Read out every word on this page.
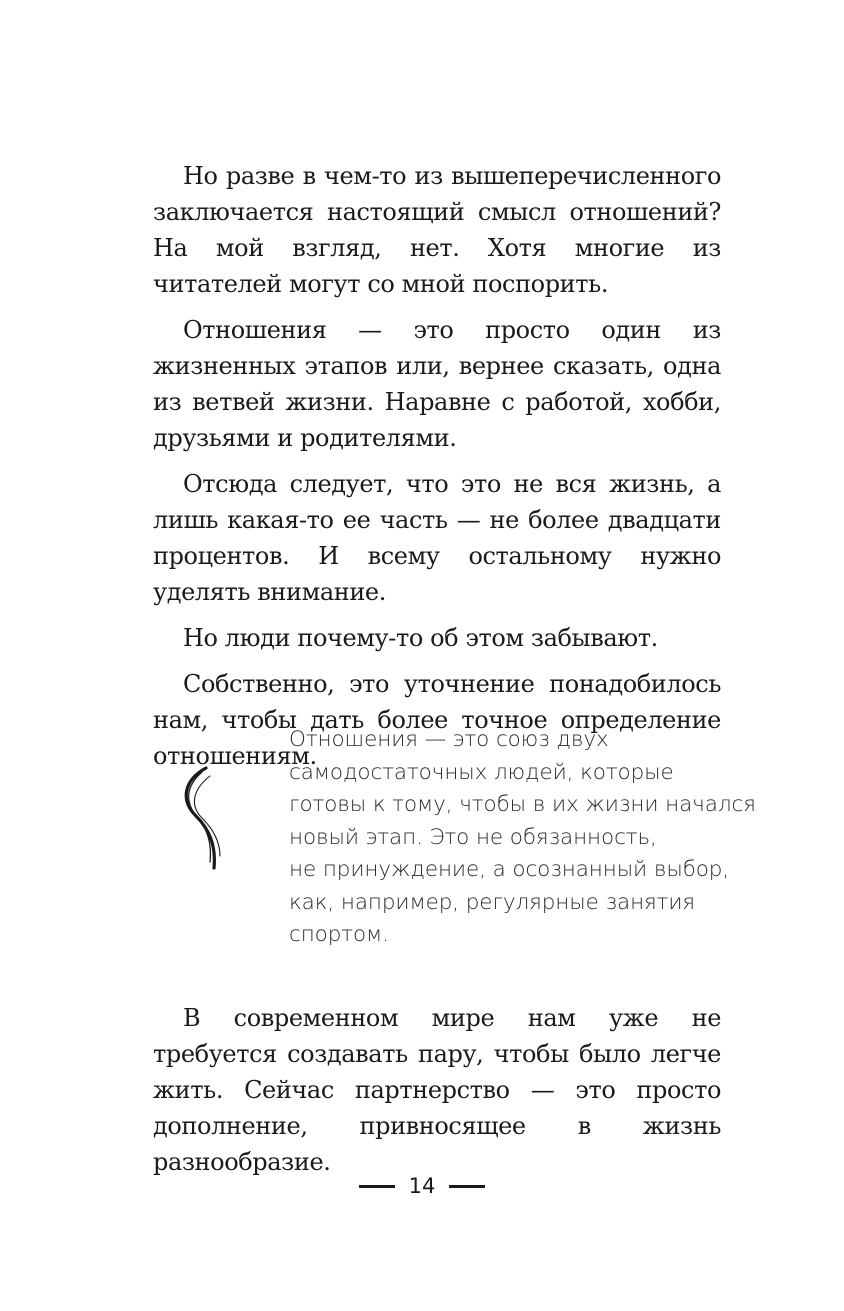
Но разве в чем-то из вышеперечисленного заключается настоящий смысл отношений? На мой взгляд, нет. Хотя многие из читателей могут со мной поспорить.

Отношения — это просто один из жизненных этапов или, вернее сказать, одна из ветвей жизни. Наравне с работой, хобби, друзьями и родителями.

Отсюда следует, что это не вся жизнь, а лишь какая-то ее часть — не более двадцати процентов. И всему остальному нужно уделять внимание.

Но люди почему-то об этом забывают.

Собственно, это уточнение понадобилось нам, чтобы дать более точное определение отношениям.

Отношения — это союз двух
самодостаточных людей, которые
готовы к тому, чтобы в их жизни начался
новый этап. Это не обязанность,
не принуждение, а осознанный выбор,
как, например, регулярные занятия
спортом.

В современном мире нам уже не требуется создавать пару, чтобы было легче жить. Сейчас партнерство — это просто дополнение, привносящее в жизнь разнообразие.

14
